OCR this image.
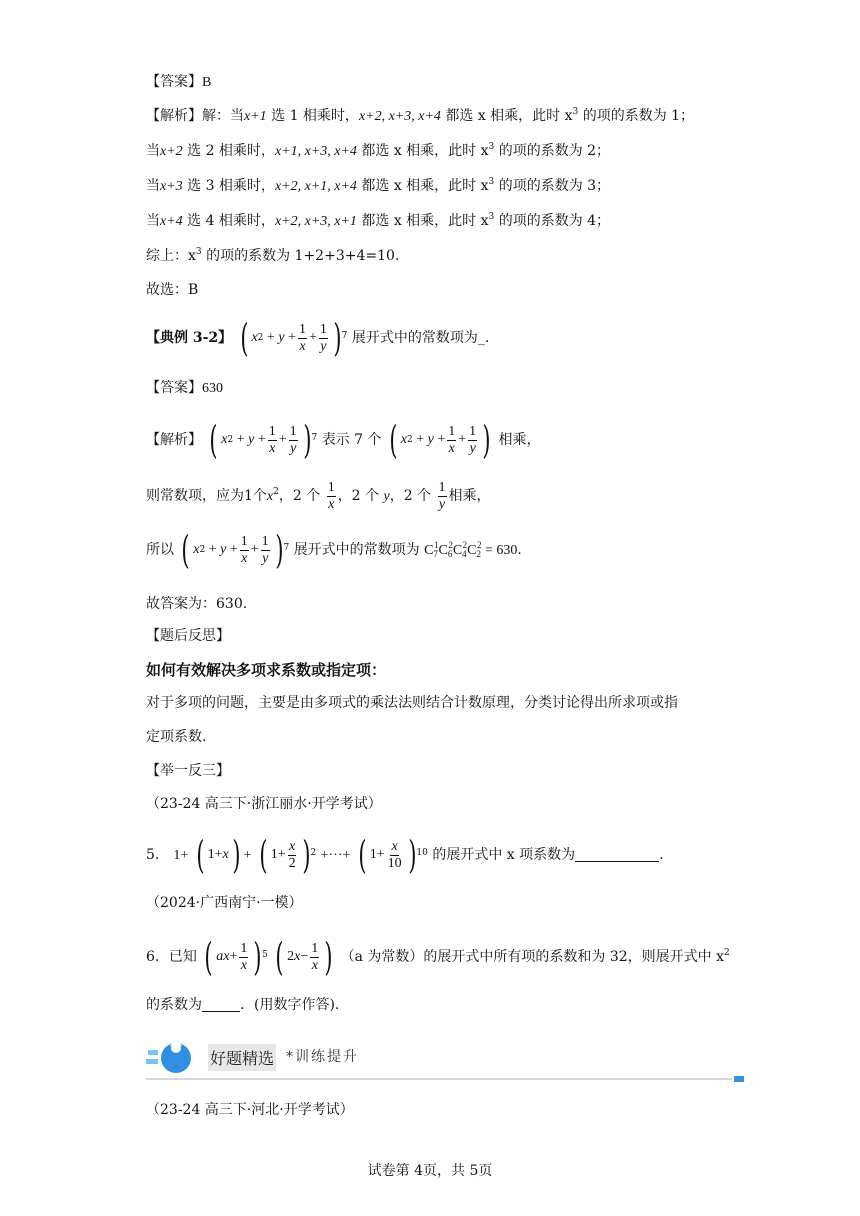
【答案】B
【解析】解：当x+1 选 1 相乘时，x+2, x+3, x+4 都选 x 相乘，此时 $x^3$ 的项的系数为 1；
当x+2 选 2 相乘时，x+1, x+3, x+4 都选 x 相乘，此时 $x^3$ 的项的系数为 2；
当x+3 选 3 相乘时，x+2, x+1, x+4 都选 x 相乘，此时 $x^3$ 的项的系数为 3；
当x+4 选 4 相乘时，x+2, x+3, x+1 都选 x 相乘，此时 $x^3$ 的项的系数为 4；
综上：$x^3$ 的项的系数为 1+2+3+4=10.
故选：B
【典例 3-2】 ( x $2 + y + \frac{1}{x} + \frac{1}{y}$ ) 7 展开式中的常数项为_.
【答案】630
【解析】 ( x $2 + y + \frac{1}{x} + \frac{1}{y}$ ) 7 表示 7 个 ( x $2 + y + \frac{1}{x} + \frac{1}{y}$ ) 相乘，
则常数项，应为1个$x^2$，2 个 $\frac{1}{x}$ ，2 个 y，2 个 $\frac{1}{y}$ 相乘，
所以 ( x $2 + y + \frac{1}{x} + \frac{1}{y}$ ) 7 展开式中的常数项为 $C_7^1C_6^2C_4^2C_2^2 = 630$.
故答案为：630.
【题后反思】
如何有效解决多项求系数或指定项：
对于多项的问题，主要是由多项式的乘法法则结合计数原理，分类讨论得出所求项或指
定项系数.
【举一反三】
（23-24 高三下·浙江丽水·开学考试）
5． 1+ ( 1+ x ) + ( $1+ \frac{x}{2}$ ) 2 +···+ ( $1+ \frac{x}{10}$ ) 10 的展开式中 x 项系数为	.
（2024·广西南宁·一模）
6．已知 ( ax + $\frac{1}{x}$ ) 5
( 2 $x - \frac{1}{x}$ ) （a 为常数）的展开式中所有项的系数和为 32，则展开式中 $x^2$
的系数为	．(用数字作答).
好题精选 *训练提升
（23-24 高三下·河北·开学考试）
试卷第 4页，共 5页
